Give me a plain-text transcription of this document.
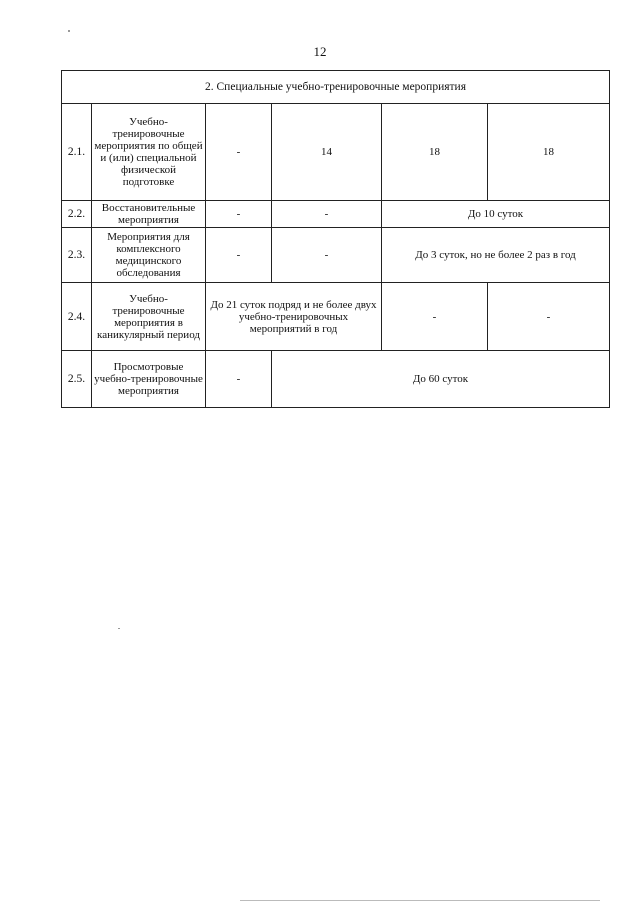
12
2. Специальные учебно-тренировочные мероприятия					
2.1.	Учебно-тренировочные мероприятия по общей и (или) специальной физической подготовке	-	14	18	18
2.2.	Восстановительные мероприятия	-	-	До 10 суток	
2.3.	Мероприятия для комплексного медицинского обследования	-	-	До 3 суток, но не более 2 раз в год	
2.4.	Учебно-тренировочные мероприятия в каникулярный период	До 21 суток подряд и не более двух учебно-тренировочных мероприятий в год		-	-
2.5.	Просмотровые учебно-тренировочные мероприятия	-	До 60 суток		
